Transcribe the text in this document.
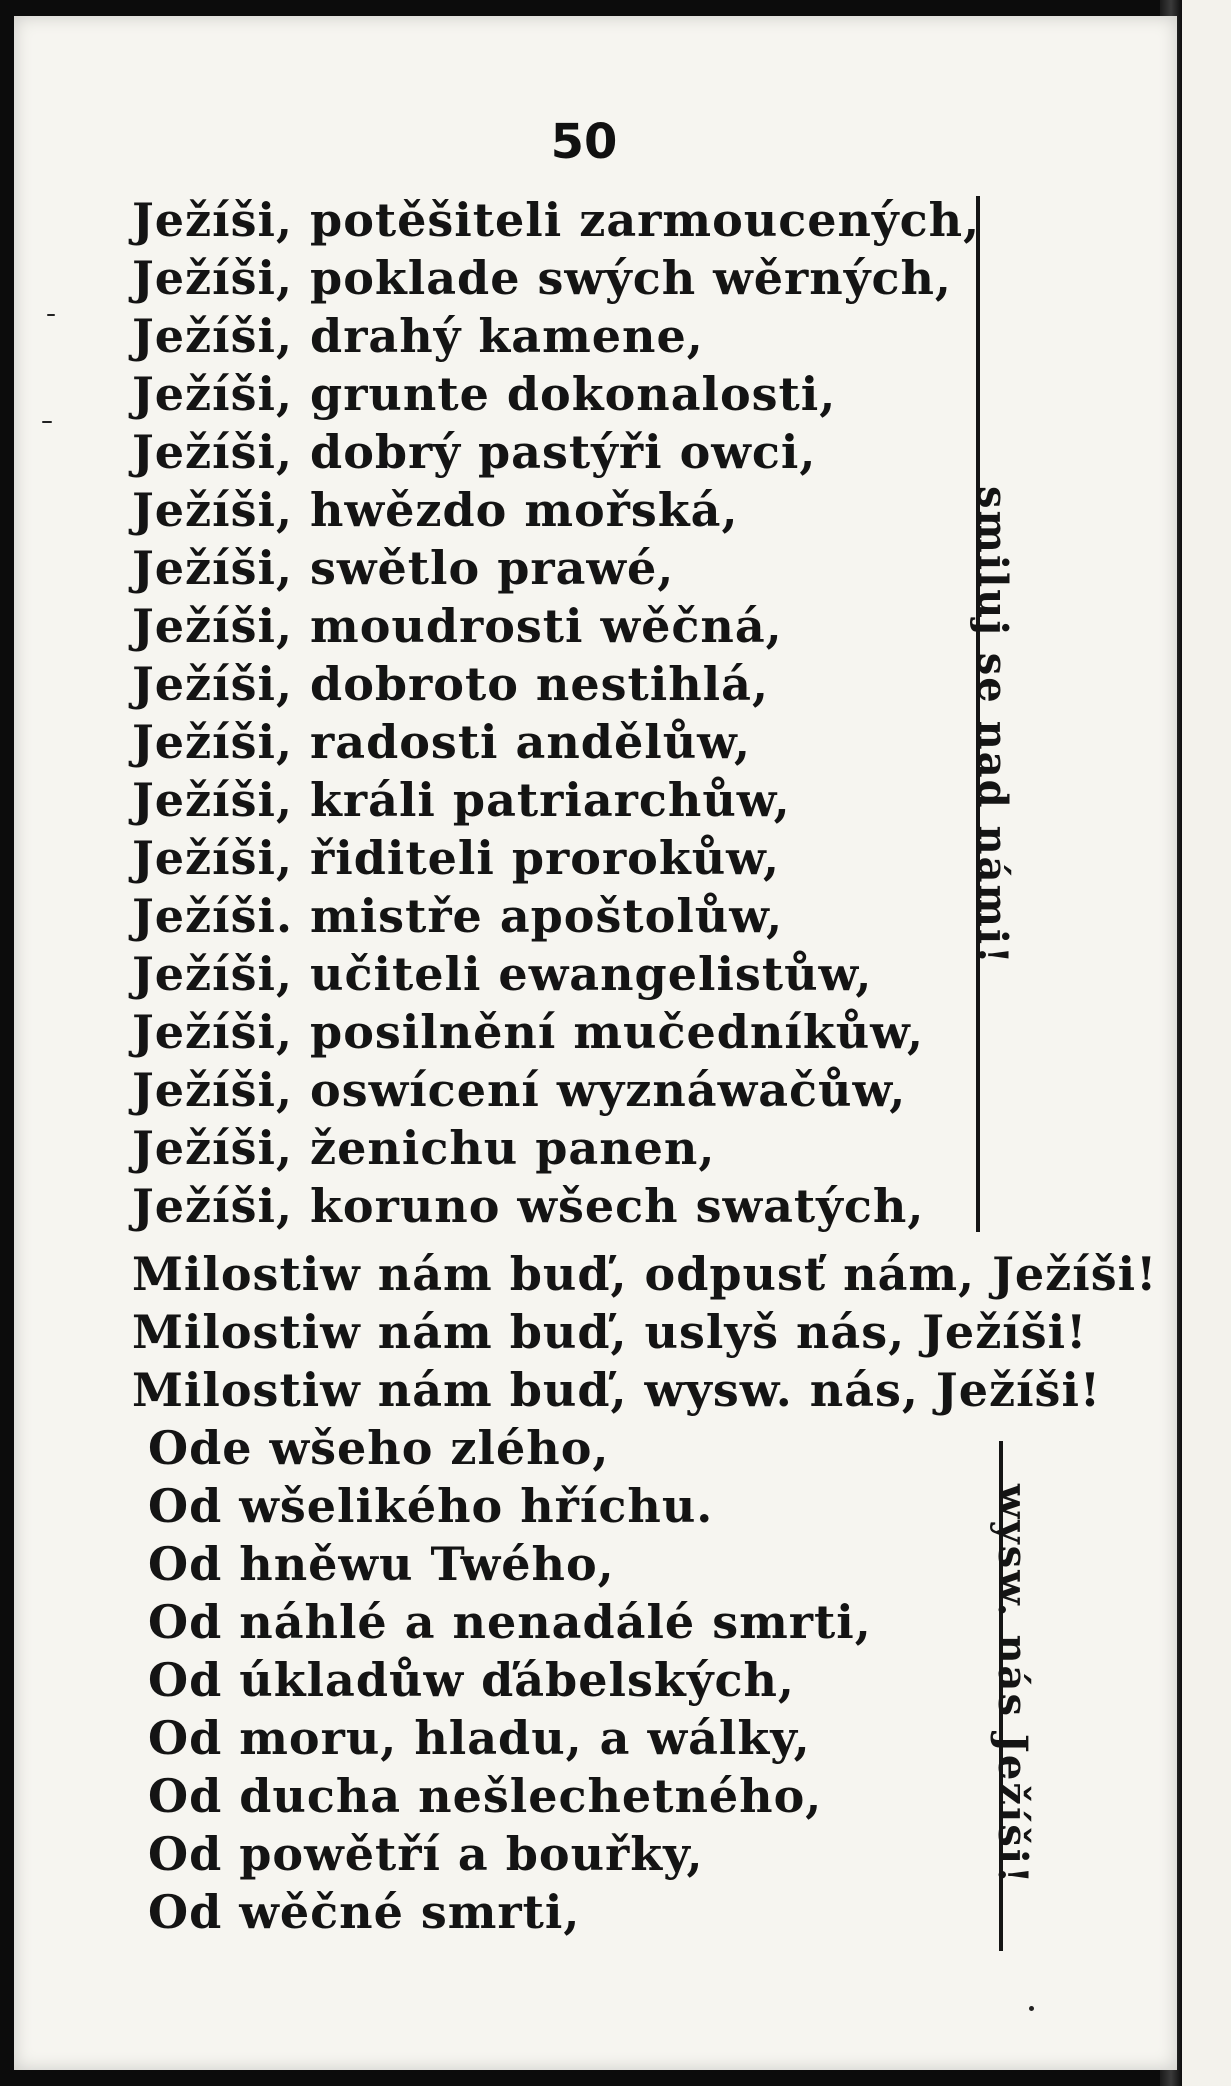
50
smiluj se nad námi!
wysw. nás Ježíši!
Ježíši, potěšiteli zarmoucených,
Ježíši, poklade swých wěrných,
Ježíši, drahý kamene,
Ježíši, grunte dokonalosti,
Ježíši, dobrý pastýři owci,
Ježíši, hwězdo mořská,
Ježíši, swětlo prawé,
Ježíši, moudrosti wěčná,
Ježíši, dobroto nestihlá,
Ježíši, radosti andělůw,
Ježíši, králi patriarchůw,
Ježíši, řiditeli prorokůw,
Ježíši. mistře apoštolůw,
Ježíši, učiteli ewangelistůw,
Ježíši, posilnění mučedníkůw,
Ježíši, oswícení wyznáwačůw,
Ježíši, ženichu panen,
Ježíši, koruno wšech swatých,
Milostiw nám buď, odpusť nám, Ježíši!
Milostiw nám buď, uslyš nás, Ježíši!
Milostiw nám buď, wysw. nás, Ježíši!
Ode wšeho zlého,
Od wšelikého hříchu.
Od hněwu Twého,
Od náhlé a nenadálé smrti,
Od úkladůw ďábelských,
Od moru, hladu, a wálky,
Od ducha nešlechetného,
Od powětří a bouřky,
Od wěčné smrti,
